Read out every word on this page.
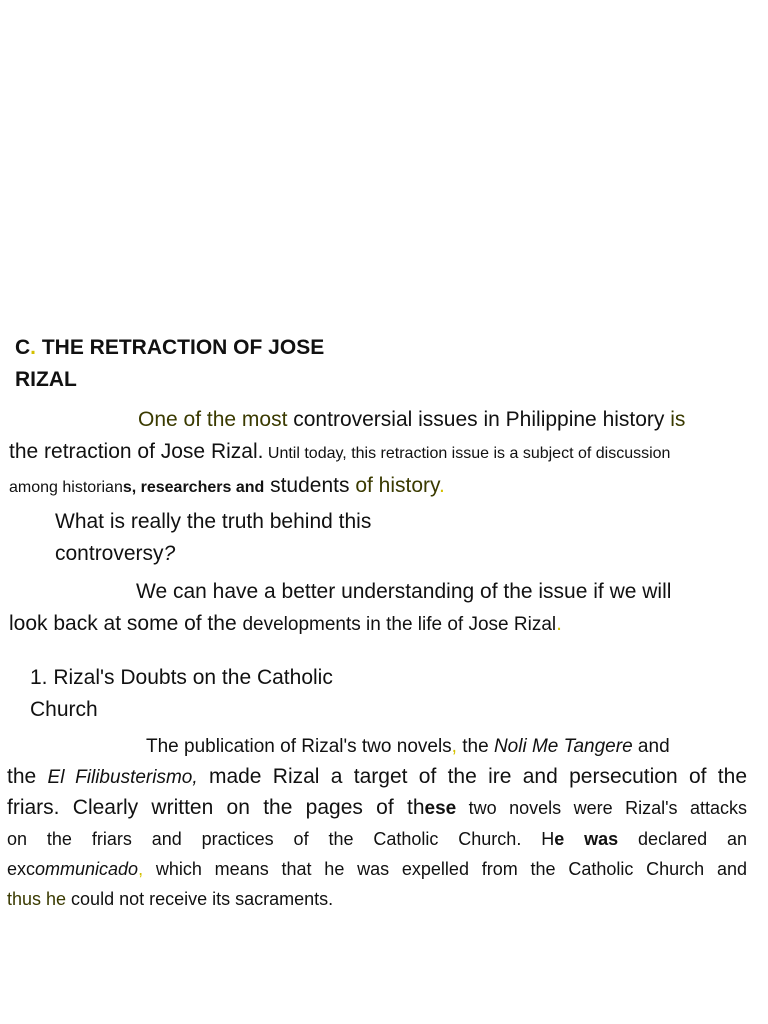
C. THE RETRACTION OF JOSE
RIZAL
One of the most controversial issues in Philippine history is
the retraction of Jose Rizal. Until today, this retraction issue is a subject of discussion
among historians, researchers and students of history.
What is really the truth behind this
controversy?
We can have a better understanding of the issue if we will
look back at some of the developments in the life of Jose Rizal.
1. Rizal's Doubts on the Catholic
Church
The publication of Rizal's two novels, the Noli Me Tangere and
the El Filibusterismo, made Rizal a target of the ire and persecution of the
friars. Clearly written on the pages of these two novels were Rizal's attacks
on the friars and practices of the Catholic Church. He was declared an
excommunicado, which means that he was expelled from the Catholic Church and
thus he could not receive its sacraments.
